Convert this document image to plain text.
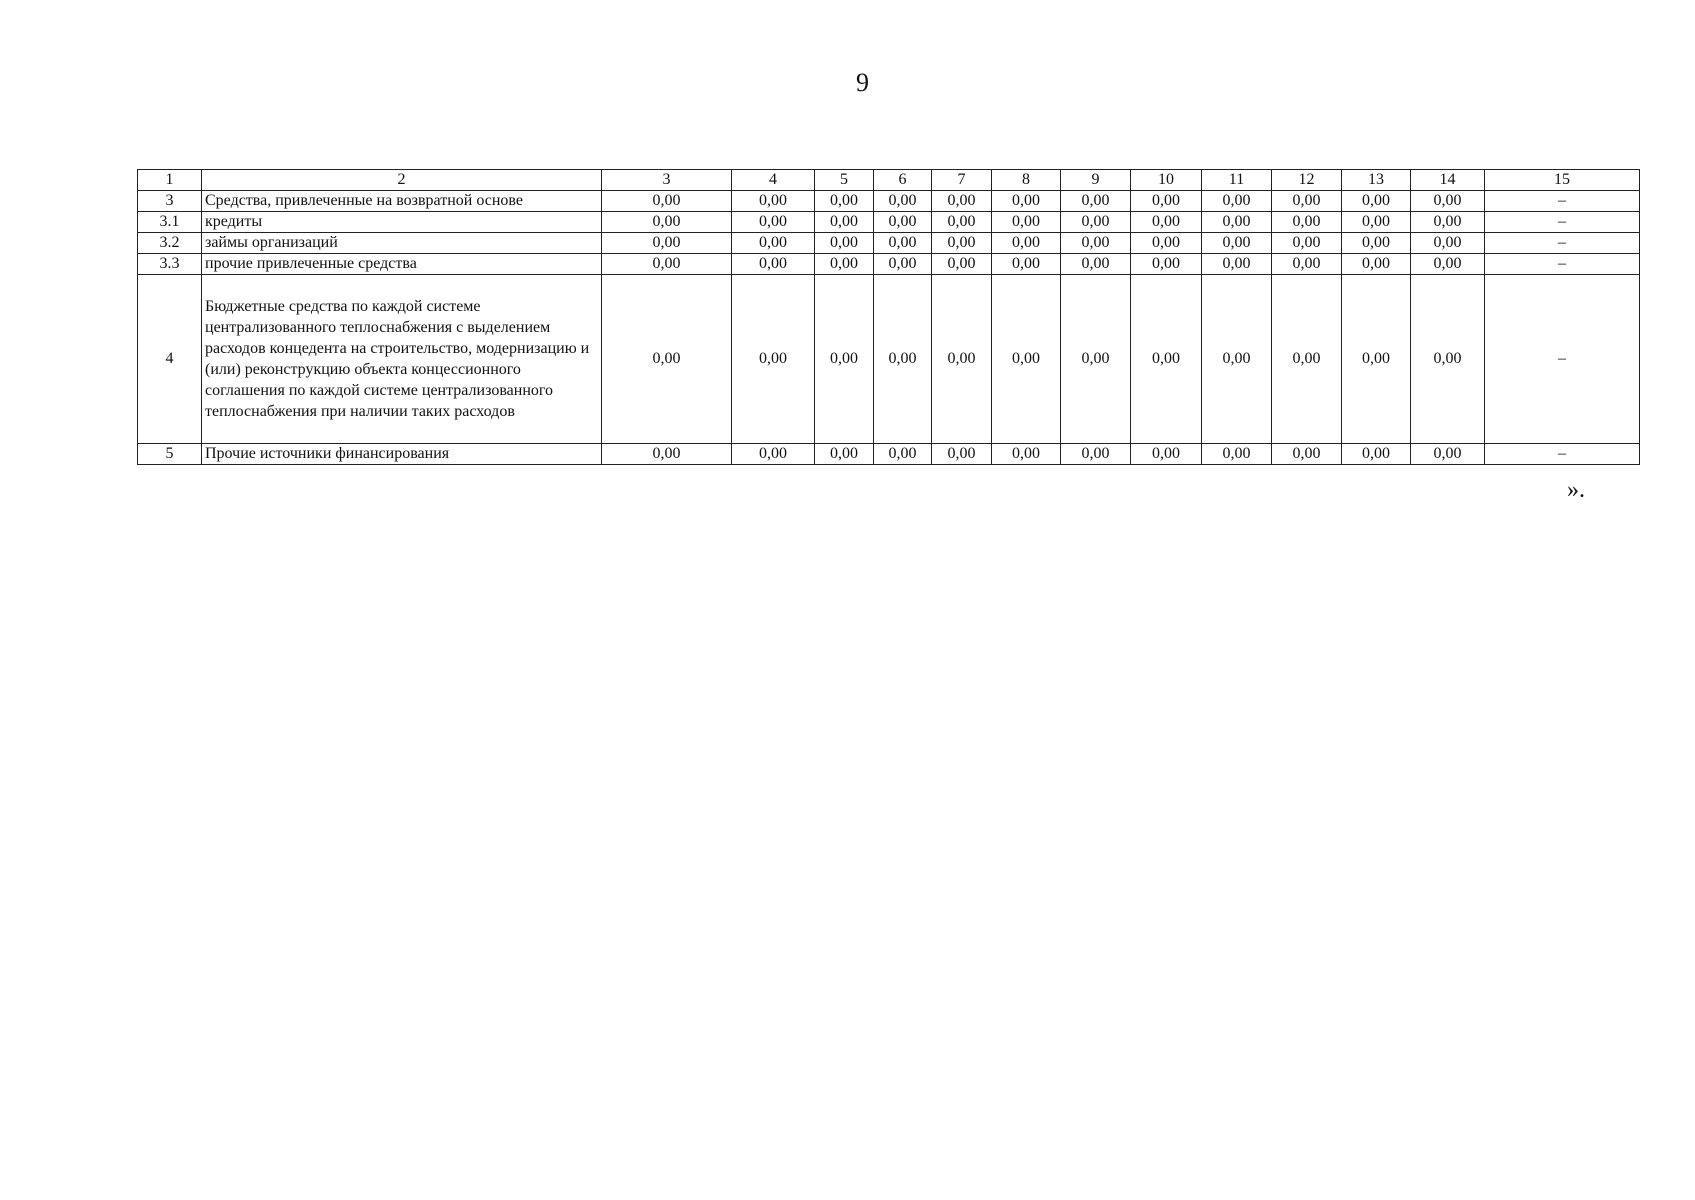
9
1	2	3	4	5	6	7	8	9	10	11	12	13	14	15
3	Средства, привлеченные на возвратной основе	0,00	0,00	0,00	0,00	0,00	0,00	0,00	0,00	0,00	0,00	0,00	0,00	–
3.1	кредиты	0,00	0,00	0,00	0,00	0,00	0,00	0,00	0,00	0,00	0,00	0,00	0,00	–
3.2	займы организаций	0,00	0,00	0,00	0,00	0,00	0,00	0,00	0,00	0,00	0,00	0,00	0,00	–
3.3	прочие привлеченные средства	0,00	0,00	0,00	0,00	0,00	0,00	0,00	0,00	0,00	0,00	0,00	0,00	–
4	Бюджетные средства по каждой системе централизованного теплоснабжения с выделением расходов концедента на строительство, модернизацию и (или) реконструкцию объекта концессионного соглашения по каждой системе централизованного теплоснабжения при наличии таких расходов	0,00	0,00	0,00	0,00	0,00	0,00	0,00	0,00	0,00	0,00	0,00	0,00	–
5	Прочие источники финансирования	0,00	0,00	0,00	0,00	0,00	0,00	0,00	0,00	0,00	0,00	0,00	0,00	–
».
